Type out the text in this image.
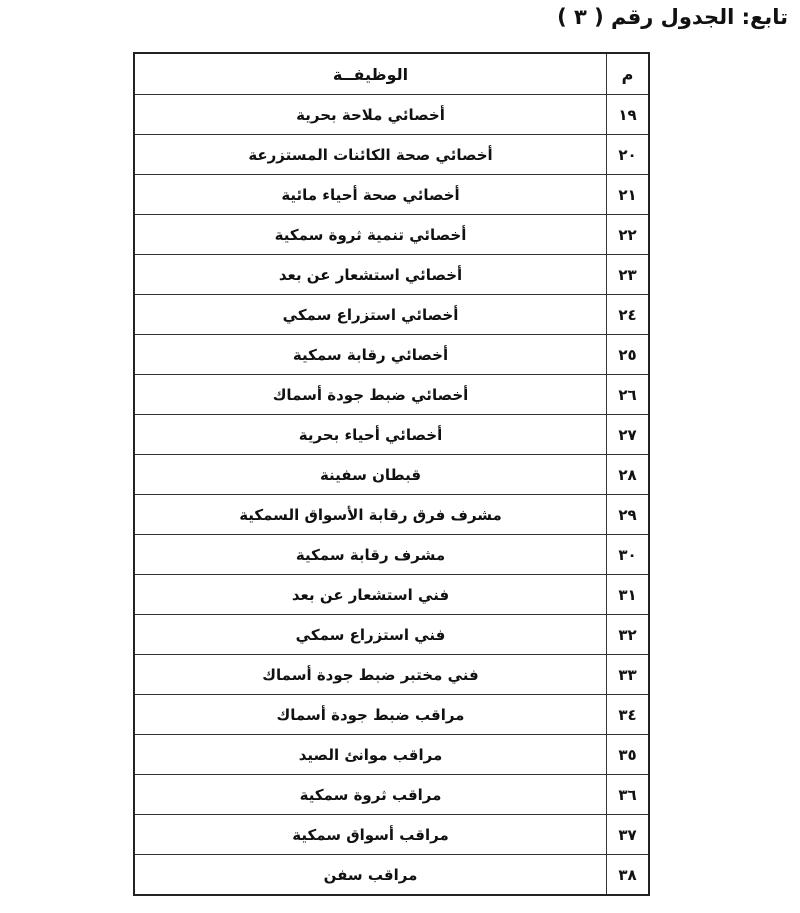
تابع: الجدول رقم ( ٣ )
الوظيفــة	م
أخصائي ملاحة بحرية	١٩
أخصائي صحة الكائنات المستزرعة	٢٠
أخصائي صحة أحياء مائية	٢١
أخصائي تنمية ثروة سمكية	٢٢
أخصائي استشعار عن بعد	٢٣
أخصائي استزراع سمكي	٢٤
أخصائي رقابة سمكية	٢٥
أخصائي ضبط جودة أسماك	٢٦
أخصائي أحياء بحرية	٢٧
قبطان سفينة	٢٨
مشرف فرق رقابة الأسواق السمكية	٢٩
مشرف رقابة سمكية	٣٠
فني استشعار عن بعد	٣١
فني استزراع سمكي	٣٢
فني مختبر ضبط جودة أسماك	٣٣
مراقب ضبط جودة أسماك	٣٤
مراقب موانئ الصيد	٣٥
مراقب ثروة سمكية	٣٦
مراقب أسواق سمكية	٣٧
مراقب سفن	٣٨
